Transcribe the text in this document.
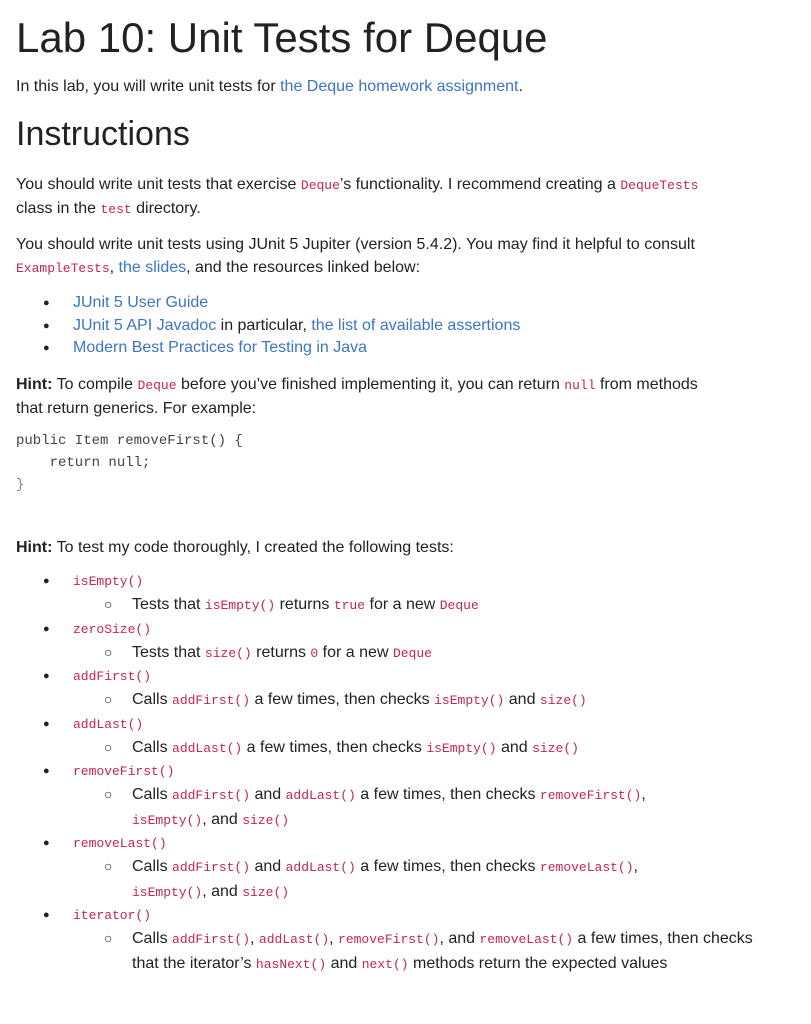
Lab 10: Unit Tests for Deque

In this lab, you will write unit tests for the Deque homework assignment.

Instructions

You should write unit tests that exercise Deque’s functionality. I recommend creating a DequeTests
class in the test directory.

You should write unit tests using JUnit 5 Jupiter (version 5.4.2). You may find it helpful to consult
ExampleTests, the slides, and the resources linked below:

● JUnit 5 User Guide
● JUnit 5 API Javadoc in particular, the list of available assertions
● Modern Best Practices for Testing in Java

Hint: To compile Deque before you’ve finished implementing it, you can return null from methods
that return generics. For example:

public Item removeFirst() {
return null;
}

Hint: To test my code thoroughly, I created the following tests:

● isEmpty()
○ Tests that isEmpty() returns true for a new Deque
● zeroSize()
○ Tests that size() returns 0 for a new Deque
● addFirst()
○ Calls addFirst() a few times, then checks isEmpty() and size()
● addLast()
○ Calls addLast() a few times, then checks isEmpty() and size()
● removeFirst()
○ Calls addFirst() and addLast() a few times, then checks removeFirst(),
isEmpty(), and size()
● removeLast()
○ Calls addFirst() and addLast() a few times, then checks removeLast(),
isEmpty(), and size()
● iterator()
○ Calls addFirst(), addLast(), removeFirst(), and removeLast() a few times, then checks that the iterator’s hasNext() and next() methods return the expected values
